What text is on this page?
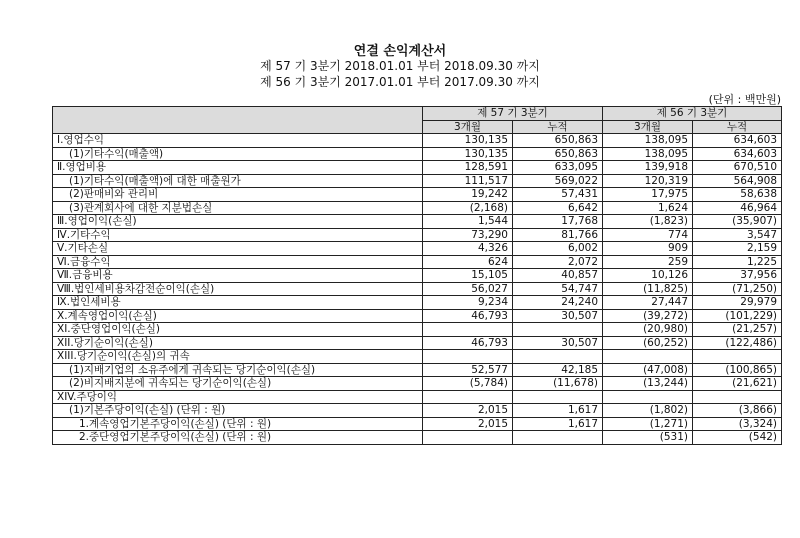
연결 손익계산서
제 57 기 3분기 2018.01.01 부터 2018.09.30 까지
제 56 기 3분기 2017.01.01 부터 2017.09.30 까지
(단위 : 백만원)
	제 57 기 3분기		제 56 기 3분기	
	3개월	누적	3개월	누적
Ⅰ.영업수익	130,135	650,863	138,095	634,603
(1)기타수익(매출액)	130,135	650,863	138,095	634,603
Ⅱ.영업비용	128,591	633,095	139,918	670,510
(1)기타수익(매출액)에 대한 매출원가	111,517	569,022	120,319	564,908
(2)판매비와 관리비	19,242	57,431	17,975	58,638
(3)관계회사에 대한 지분법손실	(2,168)	6,642	1,624	46,964
Ⅲ.영업이익(손실)	1,544	17,768	(1,823)	(35,907)
Ⅳ.기타수익	73,290	81,766	774	3,547
Ⅴ.기타손실	4,326	6,002	909	2,159
Ⅵ.금융수익	624	2,072	259	1,225
Ⅶ.금융비용	15,105	40,857	10,126	37,956
Ⅷ.법인세비용차감전순이익(손실)	56,027	54,747	(11,825)	(71,250)
Ⅸ.법인세비용	9,234	24,240	27,447	29,979
Ⅹ.계속영업이익(손실)	46,793	30,507	(39,272)	(101,229)
XI.중단영업이익(손실)			(20,980)	(21,257)
XII.당기순이익(손실)	46,793	30,507	(60,252)	(122,486)
XIII.당기순이익(손실)의 귀속				
(1)지배기업의 소유주에게 귀속되는 당기순이익(손실)	52,577	42,185	(47,008)	(100,865)
(2)비지배지분에 귀속되는 당기순이익(손실)	(5,784)	(11,678)	(13,244)	(21,621)
XIV.주당이익				
(1)기본주당이익(손실) (단위 : 원)	2,015	1,617	(1,802)	(3,866)
1.계속영업기본주당이익(손실) (단위 : 원)	2,015	1,617	(1,271)	(3,324)
2.중단영업기본주당이익(손실) (단위 : 원)			(531)	(542)
